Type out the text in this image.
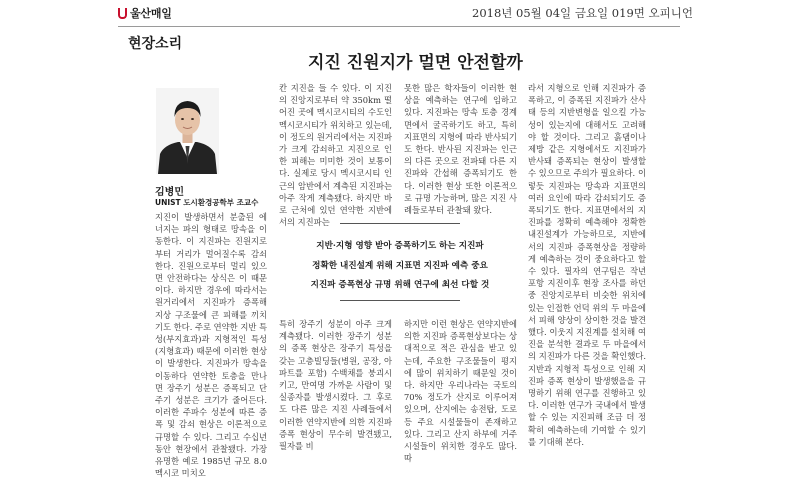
울산매일	2018년 05월 04일 금요일 019면 오피니언
현장소리
지진 진원지가 멀면 안전할까
김병민
UNIST 도시환경공학부 조교수
지진이 발생하면서 분출된 에너지는 파의 형태로 땅속을 이동한다. 이 지진파는 진원지로부터 거리가 멀어질수록 감쇠한다. 진원으로부터 멀리 있으면 안전하다는 상식은 이 때문이다. 하지만 경우에 따라서는 원거리에서 지진파가 증폭해 지상 구조물에 큰 피해를 끼치기도 한다. 주로 연약한 지반 특성(부지효과)과 지형적인 특성(지형효과) 때문에 이러한 현상이 발생한다. 지진파가 땅속을 이동하다 연약한 토층을 만나면 장주기 성분은 증폭되고 단주기 성분은 크기가 줄어든다. 이러한 주파수 성분에 따른 증폭 및 감쇠 현상은 이론적으로 규명할 수 있다. 그리고 수십년 동안 현장에서 관찰됐다. 가장 유명한 예로 1985년 규모 8.0 멕시코 미치오
칸 지진을 들 수 있다. 이 지진의 진앙지로부터 약 350km 떨어진 곳에 멕시코시티의 수도인 멕시코시티가 위치하고 있는데, 이 정도의 원거리에서는 지진파가 크게 감쇠하고 지진으로 인한 피해는 미미한 것이 보통이다. 실제로 당시 멕시코시티 인근의 암반에서 계측된 지진파는 아주 작게 계측됐다. 하지만 바로 근처에 있던 연약한 지반에서의 지진파는
못한 많은 학자들이 이러한 현상을 예측하는 연구에 임하고 있다. 지진파는 땅속 토층 경계면에서 굴곡하기도 하고, 특히 지표면의 지형에 따라 반사되기도 한다. 반사된 지진파는 인근의 다른 곳으로 전파돼 다른 지진파와 간섭해 증폭되기도 한다. 이러한 현상 또한 이론적으로 규명 가능하며, 많은 지진 사례들로부터 관찰돼 왔다.
라서 지형으로 인해 지진파가 증폭하고, 이 증폭된 지진파가 산사태 등의 지반변형을 일으킬 가능성이 있는지에 대해서도 고려해야 할 것이다. 그리고 흙댐이나 제방 같은 지형에서도 지진파가 반사돼 증폭되는 현상이 발생할 수 있으므로 주의가 필요하다. 이렇듯 지진파는 땅속과 지표면의 여러 요인에 따라 감쇠되기도 증폭되기도 한다. 지표면에서의 지진파를 정확히 예측해야 정확한 내진설계가 가능하므로, 지반에서의 지진파 증폭현상을 정량하게 예측하는 것이 중요하다고 할 수 있다. 필자의 연구팀은 작년 포항 지진이후 현장 조사를 하던 중 진앙지로부터 비슷한 위치에 있는 인접한 언덕 위의 두 마을에서 피해 양상이 상이한 것을 발견했다. 이웃지 지진계를 설치해 여진을 분석한 결과로 두 마을에서의 지진파가 다른 것을 확인했다. 지반과 지형적 특성으로 인해 지진파 증폭 현상이 발생했을을 규명하기 위해 연구를 진행하고 있다. 이러한 연구가 국내에서 발생할 수 있는 지진피해 조금 더 정확히 예측하는데 기여할 수 있기를 기대해 본다.
특히 장주기 성분이 아주 크게 계측됐다. 이러한 장주기 성분의 증폭 현상은 장주기 특성을 갖는 고층빌딩들(병원, 공장, 아파트를 포함) 수백채를 붕괴시키고, 만여명 가까운 사람이 및 실종자를 발생시켰다. 그 후로도 다른 많은 지진 사례들에서 이러한 연약지반에 의한 지진파 증폭 현상이 무수히 발견됐고, 필자를 비
하지만 이런 현상은 연약지반에 의한 지진파 증폭현상보다는 상대적으로 적은 관심을 받고 있는데, 주요한 구조물들이 평지에 많이 위치하기 때문일 것이다. 하지만 우리나라는 국토의 70% 정도가 산지로 이루어져 있으며, 산지에는 송전탑, 도로 등 주요 시설물들이 존재하고 있다. 그리고 산지 하부에 거주시설들이 위치한 경우도 많다. 따
지반·지형 영향 받아 증폭하기도 하는 지진파
정확한 내진설계 위해 지표면 지진파 예측 중요
지진파 증폭현상 규명 위해 연구에 최선 다할 것
